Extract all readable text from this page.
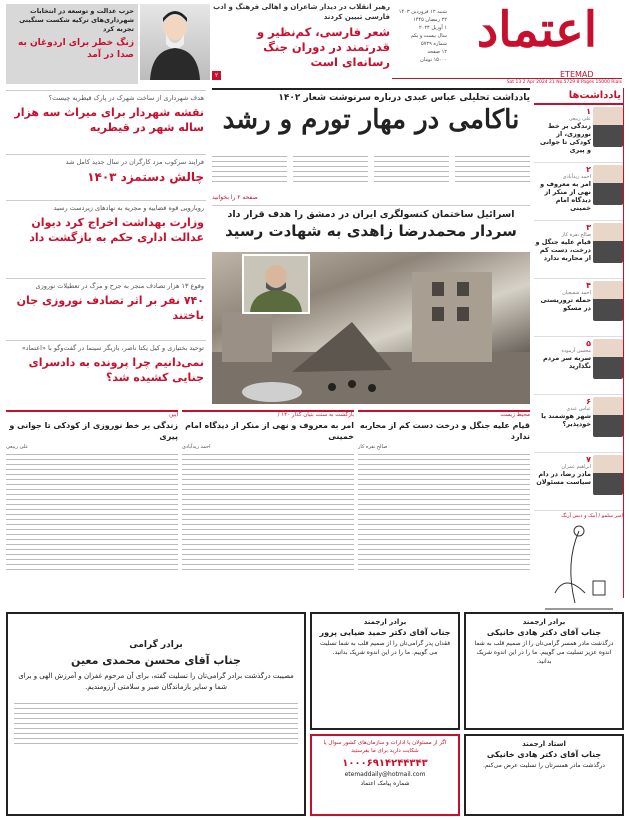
اعتماد
ETEMAD
شنبه ۱۲ فروردین ۱۴۰۳
۲۲ رمضان ۱۴۴۵
۱ آوریل ۲۰۲۴
سال بیست و یکم
شماره ۵۷۲۹
۱۲ صفحه
۱۵۰۰۰ تومان
Sat 13 2 Apr 2024 21 No.5729 8 Pages 15000 Rials
رهبر انقلاب در دیدار شاعران و اهالی فرهنگ و ادب فارسی تبیین کردند
شعر فارسی، کم‌نظیر و قدرتمند در دوران جنگ رسانه‌ای است
۲
حزب عدالت و توسعه در انتخابات شهرداری‌های ترکیه شکست سنگینی تجربه کرد
زنگ خطر برای اردوغان به صدا در آمد
هدف شهرداری از ساخت شهرک در پارک قیطریه چیست؟
نقشه شهردار برای میراث سه هزار ساله شهر در قیطریه
فرایند سرکوب مزد کارگران در سال جدید کامل شد
چالش دستمزد ۱۴۰۳
رویارویی قوه قضاییه و مجریه به نهادهای زیردست رسید
وزارت بهداشت اخراج کرد دیوان عدالت اداری حکم به بازگشت داد
وقوع ۱۳ هزار تصادف منجر به جرح و مرگ در تعطیلات نوروزی
۷۴۰ نفر بر اثر تصادف نوروزی جان باختند
توحید بختیاری و کیل یکتا ناصر، بازیگر سینما در گفت‌وگو با «اعتماد»
نمی‌دانیم چرا پرونده به دادسرای جنایی کشیده شد؟
یادداشت تحلیلی عباس عبدی درباره سرنوشت شعار ۱۴۰۲
ناکامی در مهار تورم و رشد
صفحه ۲ را بخوانید
اسرائیل ساختمان کنسولگری ایران در دمشق را هدف قرار داد
سردار محمدرضا زاهدی به شهادت رسید
یادداشت‌ها
۱
علی ربیعی
زندگی بر خط نوروزی، از کودکی تا جوانی و پیری
۲
احمد زیدآبادی
امر به معروف و نهی از منکر از دیدگاه امام خمینی
۳
صالح نقره کار
قیام علیه جنگل و درخت، دست کم از محاربه ندارد
۴
احمد شفیعیان
حمله تروریستی در مسکو
۵
محسن آزموده
سربه سر مردم نگذارید
۶
عباس عبدی
شهر هوشمند یا خودپذیر؟
۷
ابراهیم عمران
مادر رضا، در دام سیاست مسئولان
امیر سلمو / آبیک و دیس آرنگ
محیط زیست
قیام علیه جنگل و درخت دست کم از محاربه ندارد
صالح نقره کار
بازگشت به سنت بنیان گذار ۱۴۰ /
امر به معروف و نهی از منکر از دیدگاه امام خمینی
احمد زیدآبادی
آیین
زندگی بر خط نوروزی از کودکی تا جوانی و پیری
علی ربیعی
برادر ارجمند
جناب آقای دکتر هادی خانیکی
درگذشت مادر همسر گرامی‌تان را از صمیم قلب به شما اندوه عزیز تسلیت می گوییم. ما را در این اندوه شریک بدانید.
برادر ارجمند
جناب آقای دکتر حمید ضیایی پرور
فقدان پدر گرامی‌تان را از صمیم قلب به شما تسلیت می گوییم. ما را در این اندوه شریک بدانید.
استاد ارجمند
جناب آقای دکتر هادی خانیکی
درگذشت مادر همسرتان را تسلیت عرض می‌کنم.
اگر از مسئولان یا ادارات و سازمان‌های کشور سوال یا شکایت دارید برای ما بفرستید
۱۰۰۰۶۹۱۴۲۴۴۳۴۳
etemaddaily@hotmail.com
شماره پیامک اعتماد
برادر گرامی
جناب آقای محسن محمدی معین
مصیبت درگذشت برادر گرامی‌تان را تسلیت گفته، برای آن مرحوم غفران و آمرزش الهی و برای شما و سایر بازماندگان صبر و سلامتی آرزومندیم.
